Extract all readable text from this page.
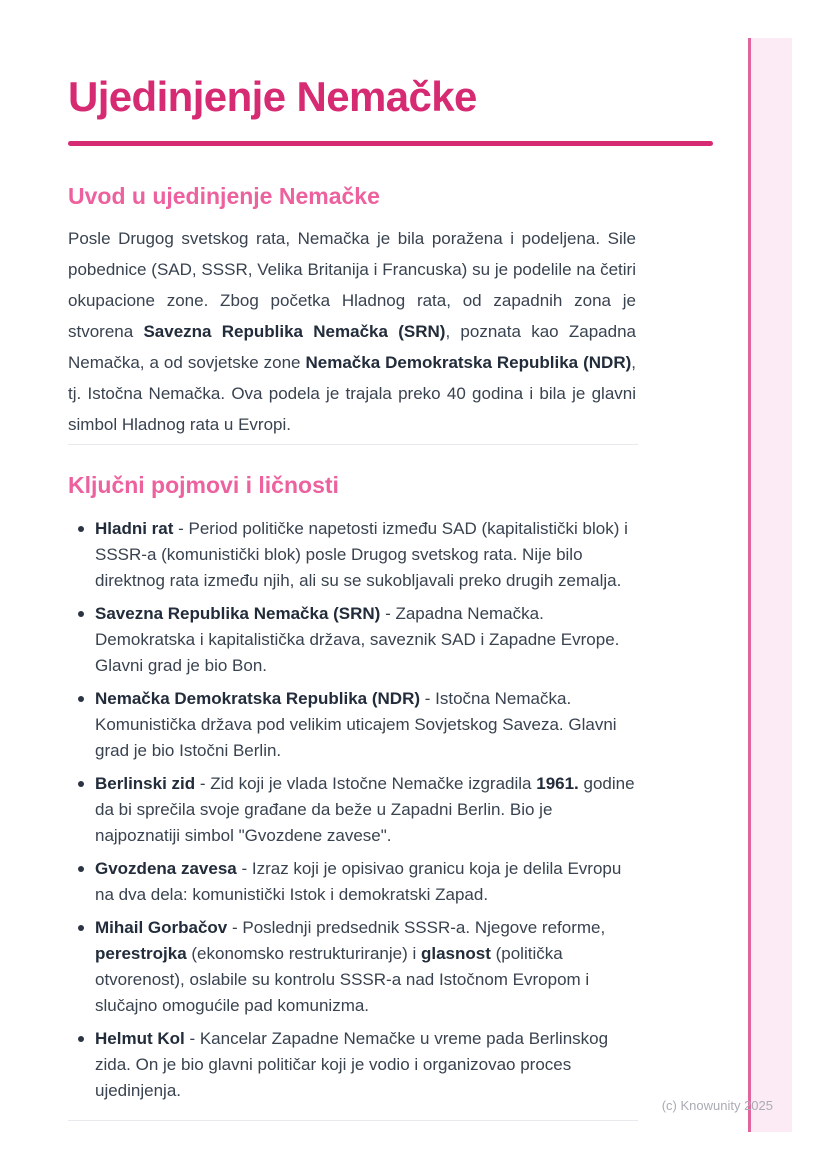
Ujedinjenje Nemačke
Uvod u ujedinjenje Nemačke

Posle Drugog svetskog rata, Nemačka je bila poražena i podeljena. Sile pobednice (SAD, SSSR, Velika Britanija i Francuska) su je podelile na četiri okupacione zone. Zbog početka Hladnog rata, od zapadnih zona je stvorena Savezna Republika Nemačka (SRN), poznata kao Zapadna Nemačka, a od sovjetske zone Nemačka Demokratska Republika (NDR), tj. Istočna Nemačka. Ova podela je trajala preko 40 godina i bila je glavni simbol Hladnog rata u Evropi.

Ključni pojmovi i ličnosti
Hladni rat - Period političke napetosti između SAD (kapitalistički blok) i SSSR-a (komunistički blok) posle Drugog svetskog rata. Nije bilo direktnog rata između njih, ali su se sukobljavali preko drugih zemalja.
Savezna Republika Nemačka (SRN) - Zapadna Nemačka. Demokratska i kapitalistička država, saveznik SAD i Zapadne Evrope. Glavni grad je bio Bon.
Nemačka Demokratska Republika (NDR) - Istočna Nemačka. Komunistička država pod velikim uticajem Sovjetskog Saveza. Glavni grad je bio Istočni Berlin.
Berlinski zid - Zid koji je vlada Istočne Nemačke izgradila 1961. godine da bi sprečila svoje građane da beže u Zapadni Berlin. Bio je najpoznatiji simbol "Gvozdene zavese".
Gvozdena zavesa - Izraz koji je opisivao granicu koja je delila Evropu na dva dela: komunistički Istok i demokratski Zapad.
Mihail Gorbačov - Poslednji predsednik SSSR-a. Njegove reforme, perestrojka (ekonomsko restrukturiranje) i glasnost (politička otvorenost), oslabile su kontrolu SSSR-a nad Istočnom Evropom i slučajno omogućile pad komunizma.
Helmut Kol - Kancelar Zapadne Nemačke u vreme pada Berlinskog zida. On je bio glavni političar koji je vodio i organizovao proces ujedinjenja.
(c) Knowunity 2025
